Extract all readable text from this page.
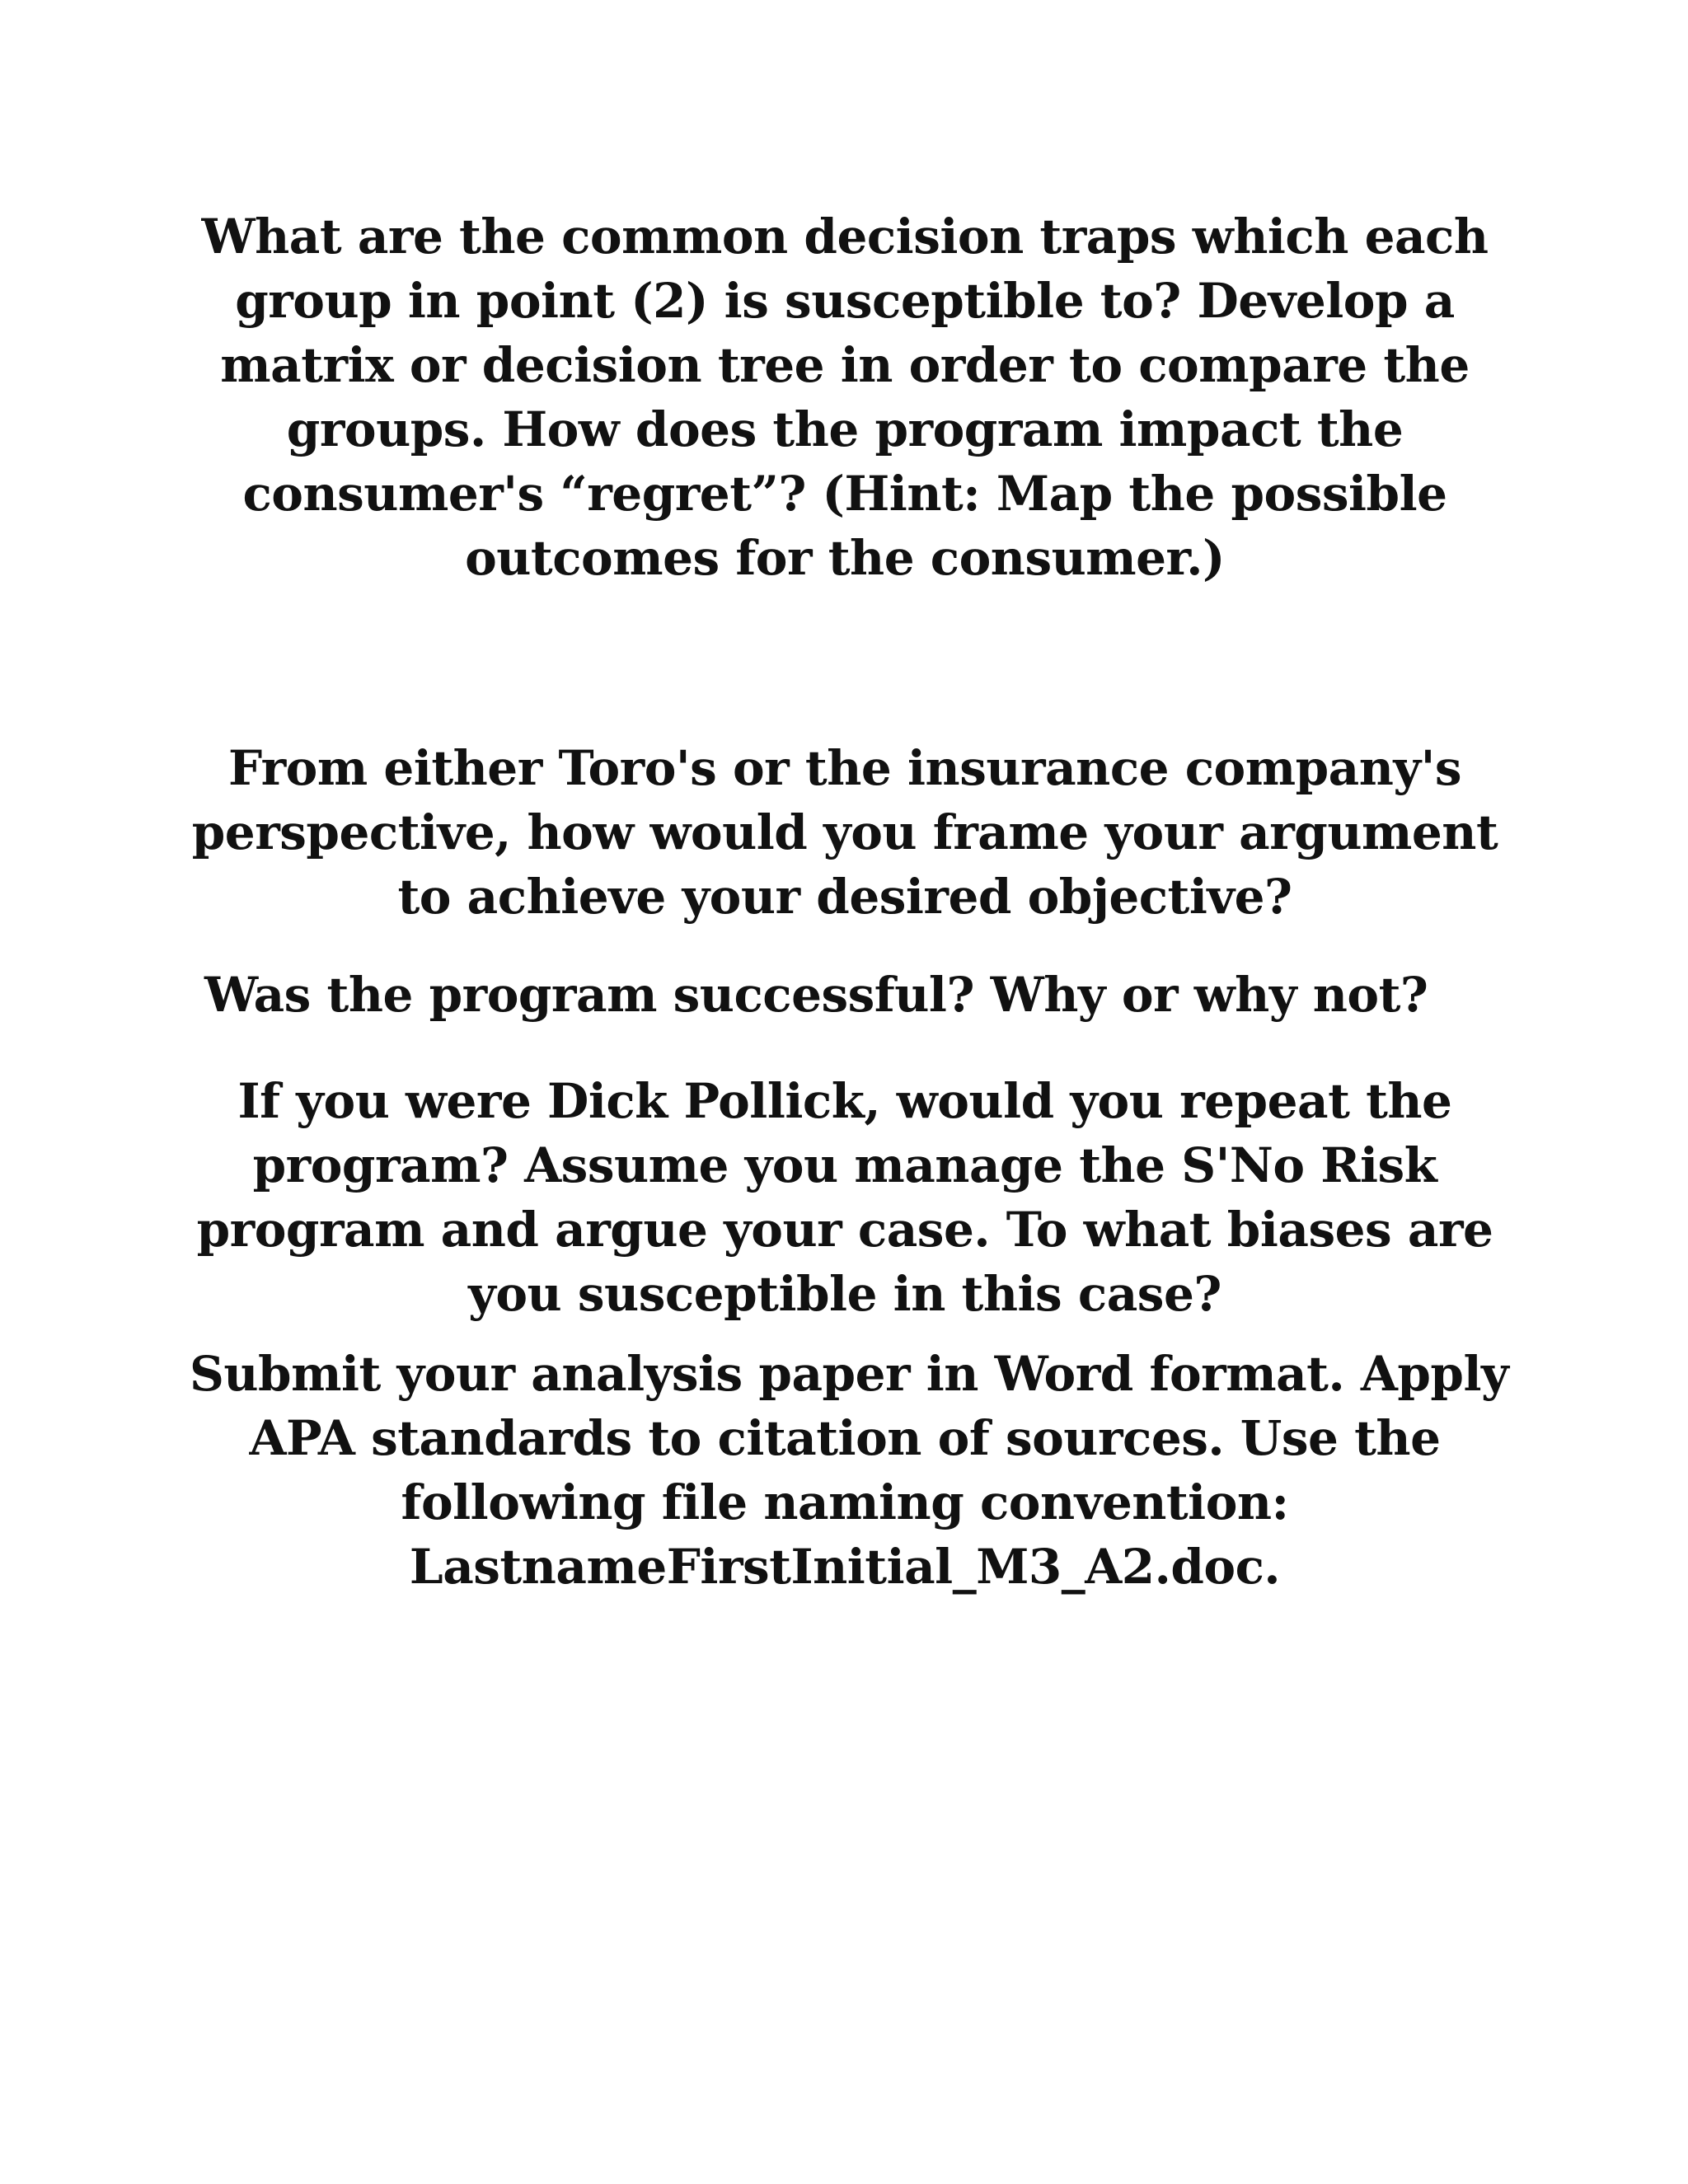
What are the common decision traps which each
group in point (2) is susceptible to? Develop a
matrix or decision tree in order to compare the
groups. How does the program impact the
consumer's “regret”? (Hint: Map the possible
outcomes for the consumer.)

From either Toro's or the insurance company's
perspective, how would you frame your argument
to achieve your desired objective?

Was the program successful? Why or why not?

If you were Dick Pollick, would you repeat the
program? Assume you manage the S'No Risk
program and argue your case. To what biases are
you susceptible in this case?

Submit your analysis paper in Word format. Apply
APA standards to citation of sources. Use the
following file naming convention:
LastnameFirstInitial_M3_A2.doc.
